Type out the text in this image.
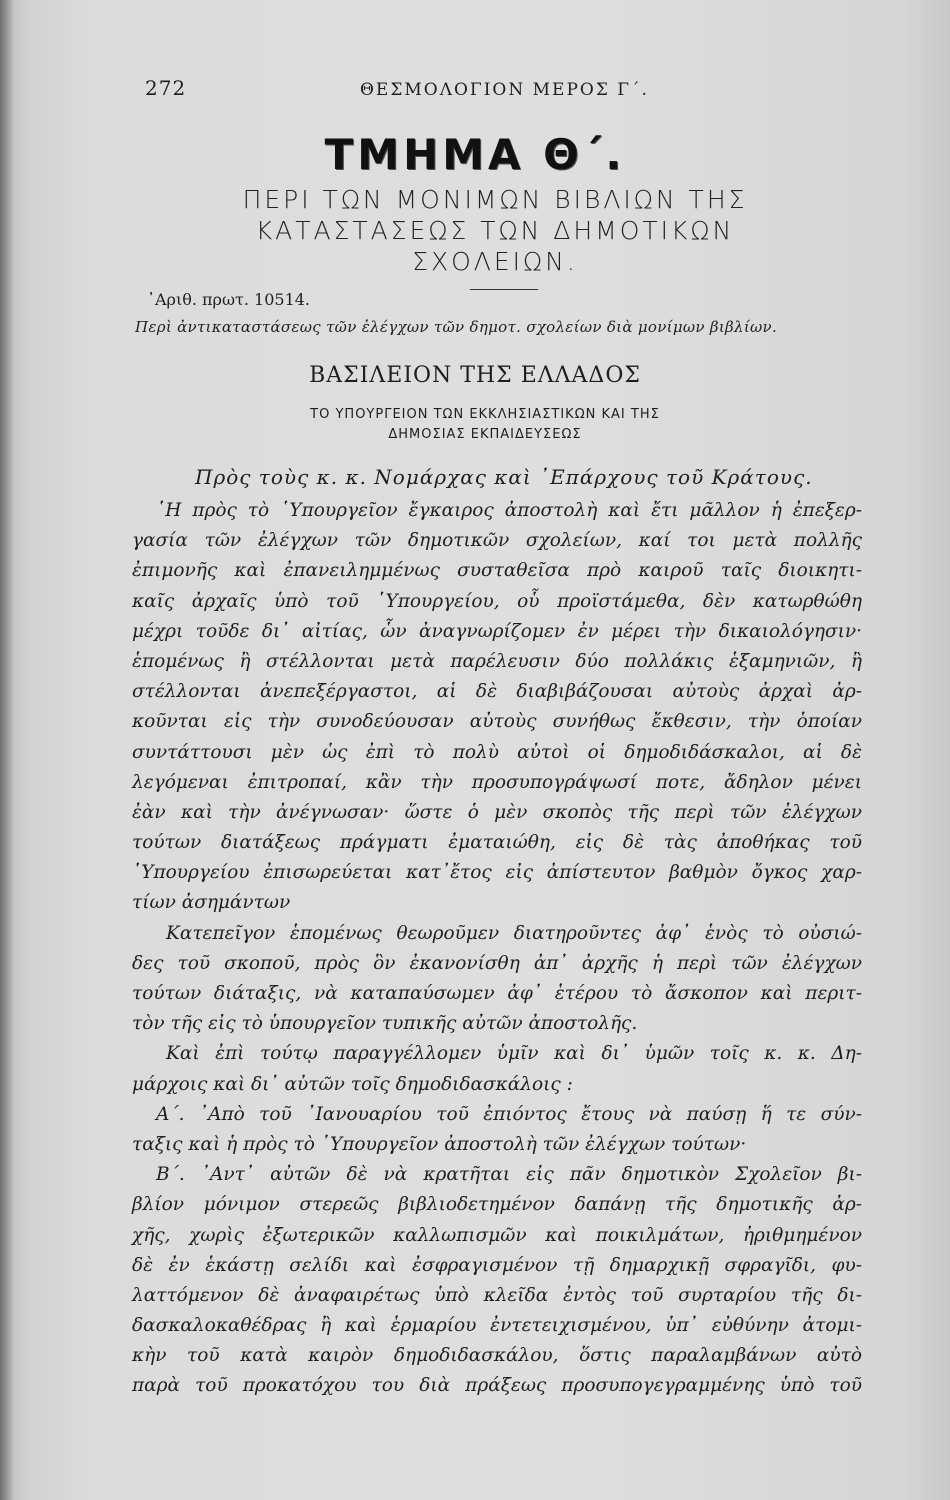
272	ΘΕΣΜΟΛΟΓΙΟΝ ΜΕΡΟΣ Γ΄.
ΤΜΗΜΑ Θ΄.
ΠΕΡΙ ΤΩΝ ΜΟΝΙΜΩΝ ΒΙΒΛΙΩΝ ΤΗΣ
ΚΑΤΑΣΤΑΣΕΩΣ ΤΩΝ ΔΗΜΟΤΙΚΩΝ
ΣΧΟΛΕΙΩΝ.
᾿Αριθ. πρωτ. 10514.
Περὶ ἀντικαταστάσεως τῶν ἐλέγχων τῶν δημοτ. σχολείων διὰ μονίμων βιβλίων.
ΒΑΣΙΛΕΙΟΝ ΤΗΣ ΕΛΛΑΔΟΣ
ΤΟ ΥΠΟΥΡΓΕΙΟΝ ΤΩΝ ΕΚΚΛΗΣΙΑΣΤΙΚΩΝ ΚΑΙ ΤΗΣ
ΔΗΜΟΣΙΑΣ ΕΚΠΑΙΔΕΥΣΕΩΣ
Πρὸς τοὺς κ. κ. Νομάρχας καὶ ᾿Επάρχους τοῦ Κράτους.
῾Η πρὸς τὸ ῾Υπουργεῖον ἔγκαιρος ἀποστολὴ καὶ ἔτι μᾶλλον ἡ ἐπεξερ-
γασία τῶν ἐλέγχων τῶν δημοτικῶν σχολείων, καί τοι μετὰ πολλῆς
ἐπιμονῆς καὶ ἐπανειλημμένως συσταθεῖσα πρὸ καιροῦ ταῖς διοικητι-
καῖς ἀρχαῖς ὑπὸ τοῦ ῾Υπουργείου, οὗ προϊστάμεθα, δὲν κατωρθώθη
μέχρι τοῦδε δι᾿ αἰτίας, ὧν ἀναγνωρίζομεν ἐν μέρει τὴν δικαιολόγησιν·
ἑπομένως ἢ στέλλονται μετὰ παρέλευσιν δύο πολλάκις ἑξαμηνιῶν, ἢ
στέλλονται ἀνεπεξέργαστοι, αἱ δὲ διαβιβάζουσαι αὐτοὺς ἀρχαὶ ἀρ-
κοῦνται εἰς τὴν συνοδεύουσαν αὐτοὺς συνήθως ἔκθεσιν, τὴν ὁποίαν
συντάττουσι μὲν ὡς ἐπὶ τὸ πολὺ αὐτοὶ οἱ δημοδιδάσκαλοι, αἱ δὲ
λεγόμεναι ἐπιτροπαί, κἂν τὴν προσυπογράψωσί ποτε, ἄδηλον μένει
ἐὰν καὶ τὴν ἀνέγνωσαν· ὥστε ὁ μὲν σκοπὸς τῆς περὶ τῶν ἐλέγχων
τούτων διατάξεως πράγματι ἐματαιώθη, εἰς δὲ τὰς ἀποθήκας τοῦ
῾Υπουργείου ἐπισωρεύεται κατ᾿ἔτος εἰς ἀπίστευτον βαθμὸν ὄγκος χαρ-
τίων ἀσημάντων
Κατεπεῖγον ἑπομένως θεωροῦμεν διατηροῦντες ἀφ᾿ ἑνὸς τὸ οὐσιώ-
δες τοῦ σκοποῦ, πρὸς ὃν ἐκανονίσθη ἀπ᾿ ἀρχῆς ἡ περὶ τῶν ἐλέγχων
τούτων διάταξις, νὰ καταπαύσωμεν ἀφ᾿ ἑτέρου τὸ ἄσκοπον καὶ περιτ-
τὸν τῆς εἰς τὸ ὑπουργεῖον τυπικῆς αὐτῶν ἀποστολῆς.
Καὶ ἐπὶ τούτῳ παραγγέλλομεν ὑμῖν καὶ δι᾿ ὑμῶν τοῖς κ. κ. Δη-
μάρχοις καὶ δι᾿ αὐτῶν τοῖς δημοδιδασκάλοις :
Α΄. ᾿Απὸ τοῦ ᾿Ιανουαρίου τοῦ ἐπιόντος ἔτους νὰ παύσῃ ἥ τε σύν-
ταξις καὶ ἡ πρὸς τὸ ῾Υπουργεῖον ἀποστολὴ τῶν ἐλέγχων τούτων·
Β΄. ᾿Αντ᾿ αὐτῶν δὲ νὰ κρατῆται εἰς πᾶν δημοτικὸν Σχολεῖον βι-
βλίον μόνιμον στερεῶς βιβλιοδετημένον δαπάνῃ τῆς δημοτικῆς ἀρ-
χῆς, χωρὶς ἐξωτερικῶν καλλωπισμῶν καὶ ποικιλμάτων, ἠριθμημένον
δὲ ἐν ἑκάστῃ σελίδι καὶ ἐσφραγισμένον τῇ δημαρχικῇ σφραγῖδι, φυ-
λαττόμενον δὲ ἀναφαιρέτως ὑπὸ κλεῖδα ἐντὸς τοῦ συρταρίου τῆς δι-
δασκαλοκαθέδρας ἢ καὶ ἑρμαρίου ἐντετειχισμένου, ὑπ᾿ εὐθύνην ἀτομι-
κὴν τοῦ κατὰ καιρὸν δημοδιδασκάλου, ὅστις παραλαμβάνων αὐτὸ
παρὰ τοῦ προκατόχου του διὰ πράξεως προσυπογεγραμμένης ὑπὸ τοῦ
